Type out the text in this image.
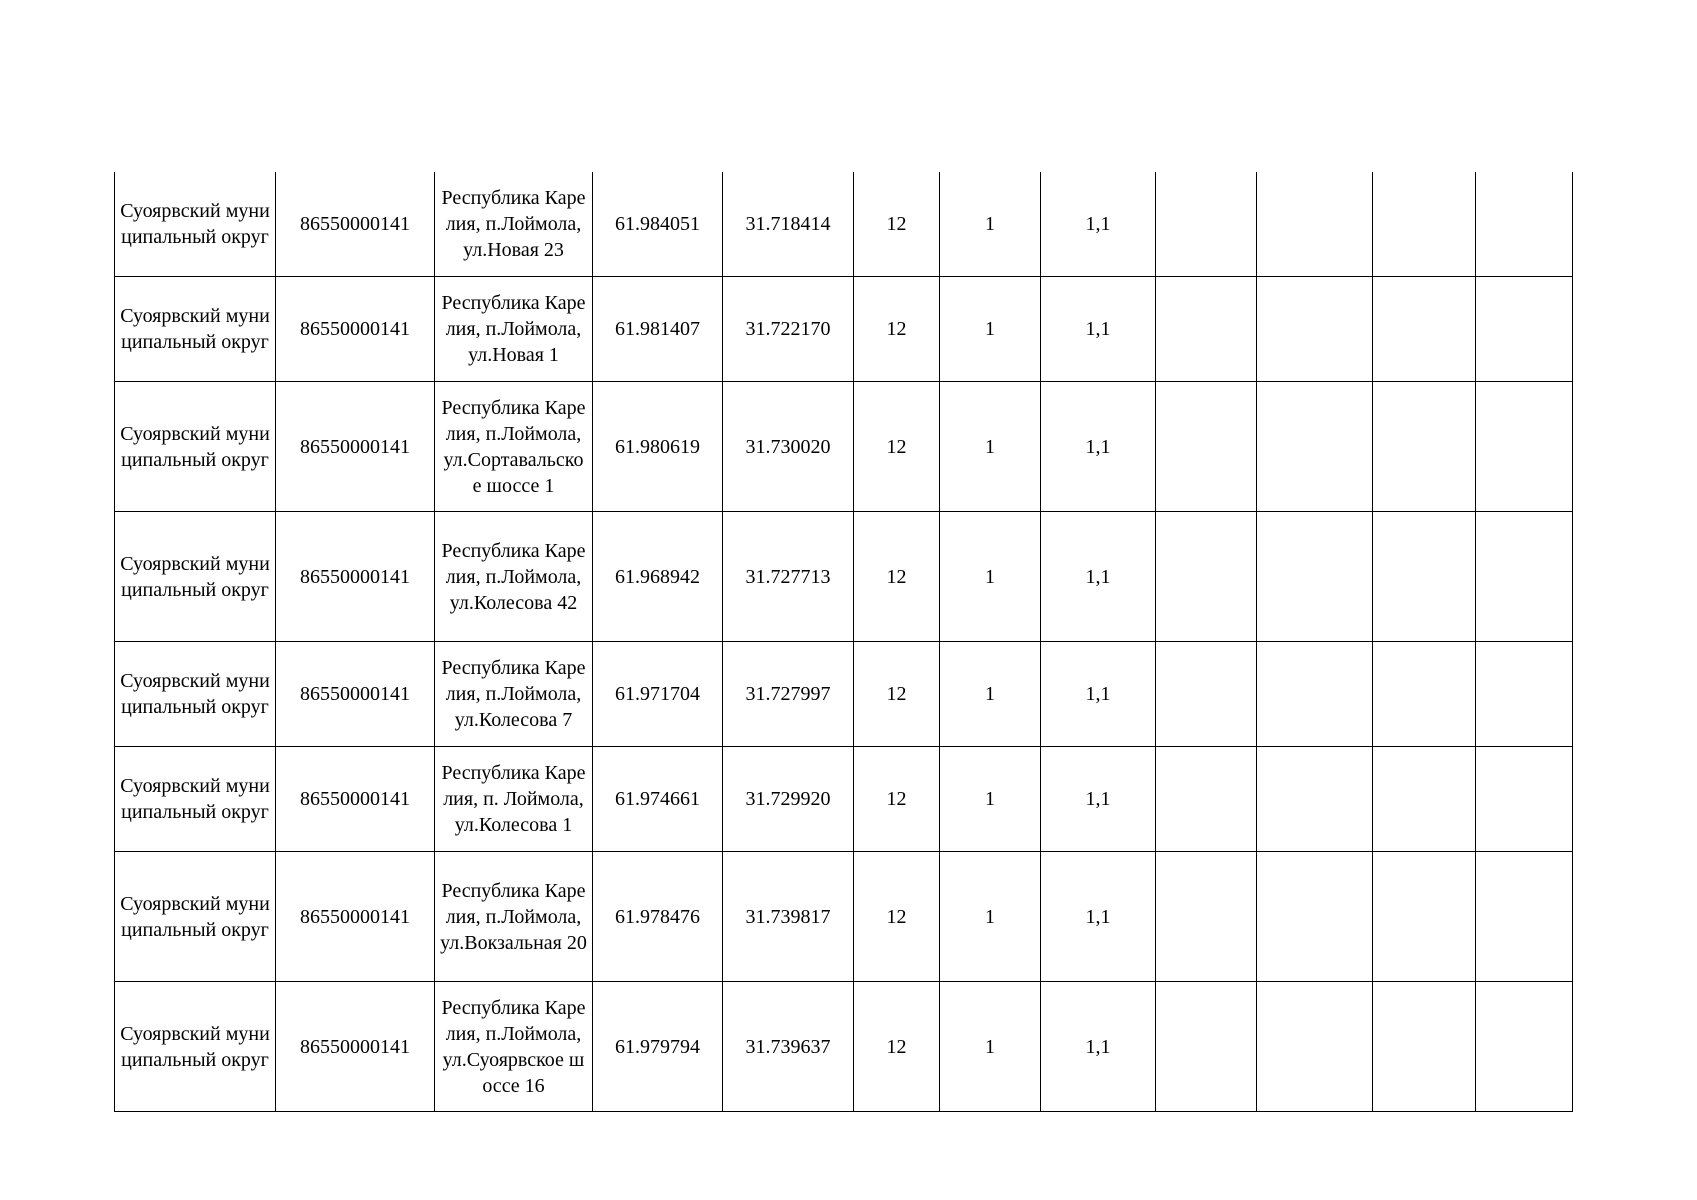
Суоярвский муниципальный округ	86550000141	Республика Карелия, п.Лоймола, ул.Новая 23	61.984051	31.718414	12	1	1,1				

Суоярвский муниципальный округ	86550000141	Республика Карелия, п.Лоймола, ул.Новая 1	61.981407	31.722170	12	1	1,1				

Суоярвский муниципальный округ	86550000141	Республика Карелия, п.Лоймола, ул.Сортавальское шоссе 1	61.980619	31.730020	12	1	1,1				

Суоярвский муниципальный округ	86550000141	Республика Карелия, п.Лоймола, ул.Колесова 42	61.968942	31.727713	12	1	1,1				

Суоярвский муниципальный округ	86550000141	Республика Карелия, п.Лоймола, ул.Колесова 7	61.971704	31.727997	12	1	1,1				

Суоярвский муниципальный округ	86550000141	Республика Карелия, п. Лоймола, ул.Колесова 1	61.974661	31.729920	12	1	1,1				

Суоярвский муниципальный округ	86550000141	Республика Карелия, п.Лоймола, ул.Вокзальная 20	61.978476	31.739817	12	1	1,1				

Суоярвский муниципальный округ	86550000141	Республика Карелия, п.Лоймола, ул.Суоярвское шоссе 16	61.979794	31.739637	12	1	1,1				
